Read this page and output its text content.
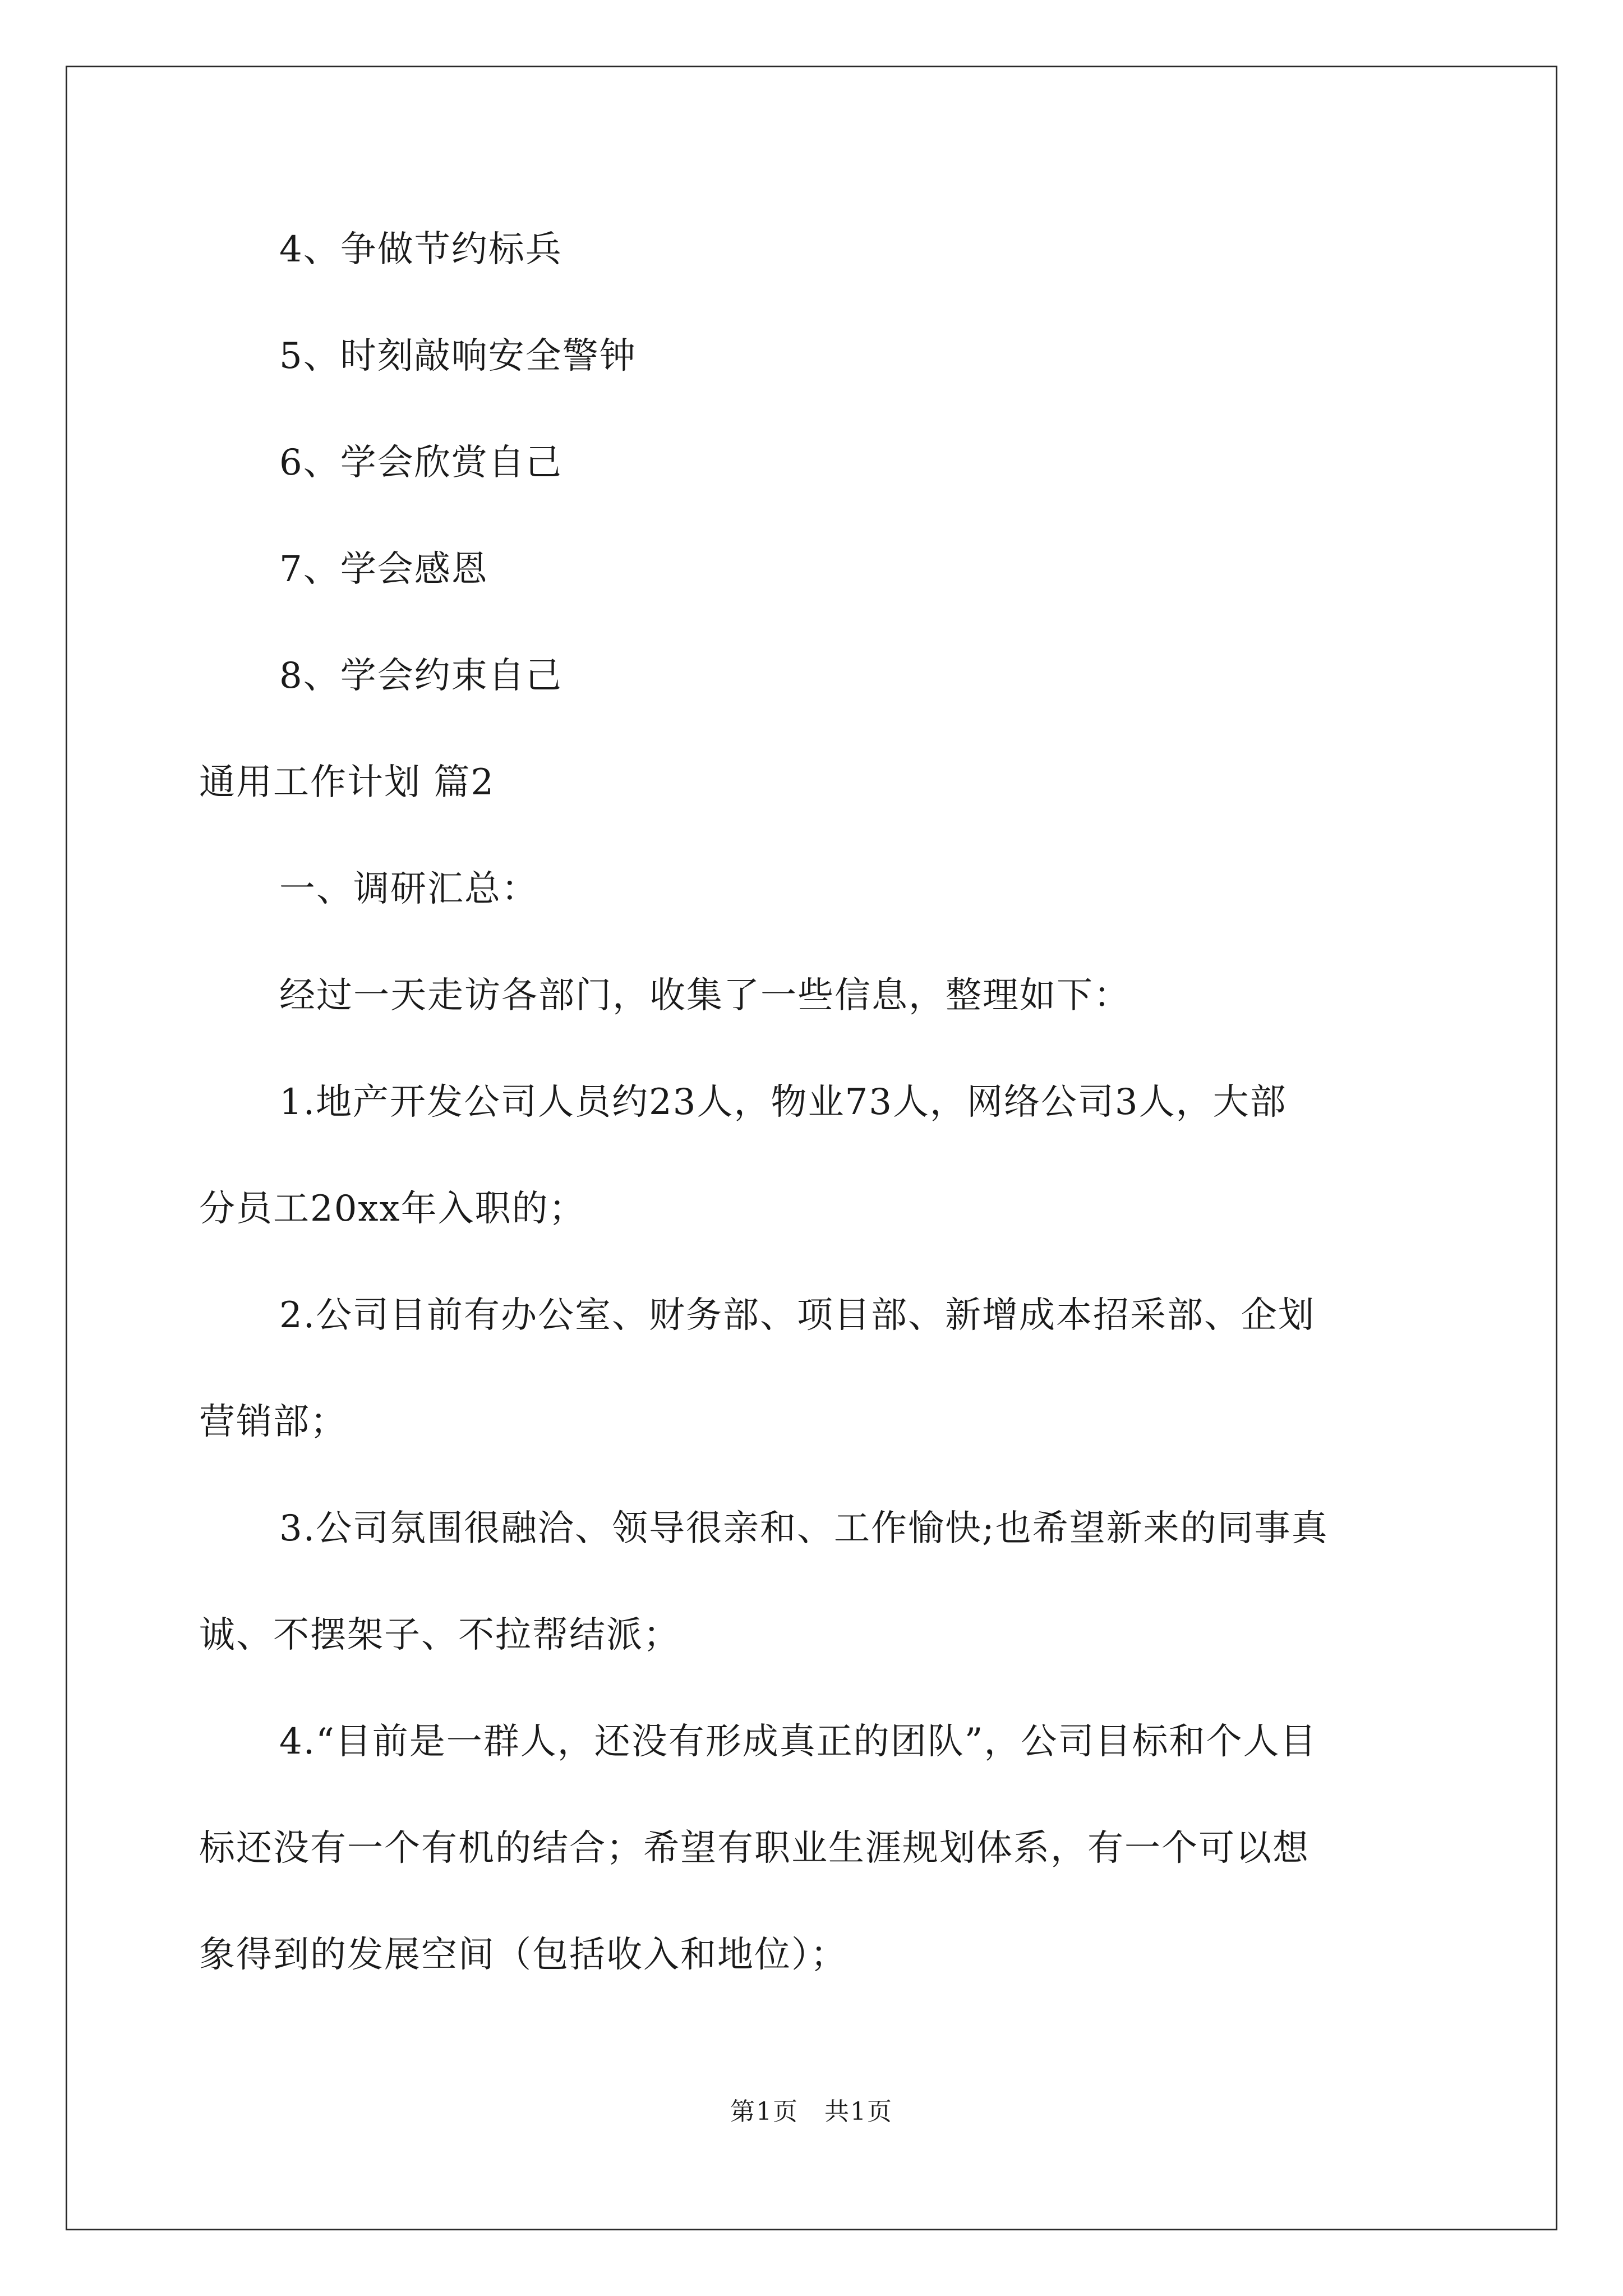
4、争做节约标兵
5、时刻敲响安全警钟
6、学会欣赏自己
7、学会感恩
8、学会约束自己
通用工作计划 篇2
一、调研汇总：
经过一天走访各部门，收集了一些信息，整理如下：
1.地产开发公司人员约23人，物业73人，网络公司3人，大部
分员工20xx年入职的；
2.公司目前有办公室、财务部、项目部、新增成本招采部、企划
营销部；
3.公司氛围很融洽、领导很亲和、工作愉快;也希望新来的同事真
诚、不摆架子、不拉帮结派；
4.“目前是一群人，还没有形成真正的团队”，公司目标和个人目
标还没有一个有机的结合；希望有职业生涯规划体系，有一个可以想
象得到的发展空间（包括收入和地位）；
第1页　共1页
